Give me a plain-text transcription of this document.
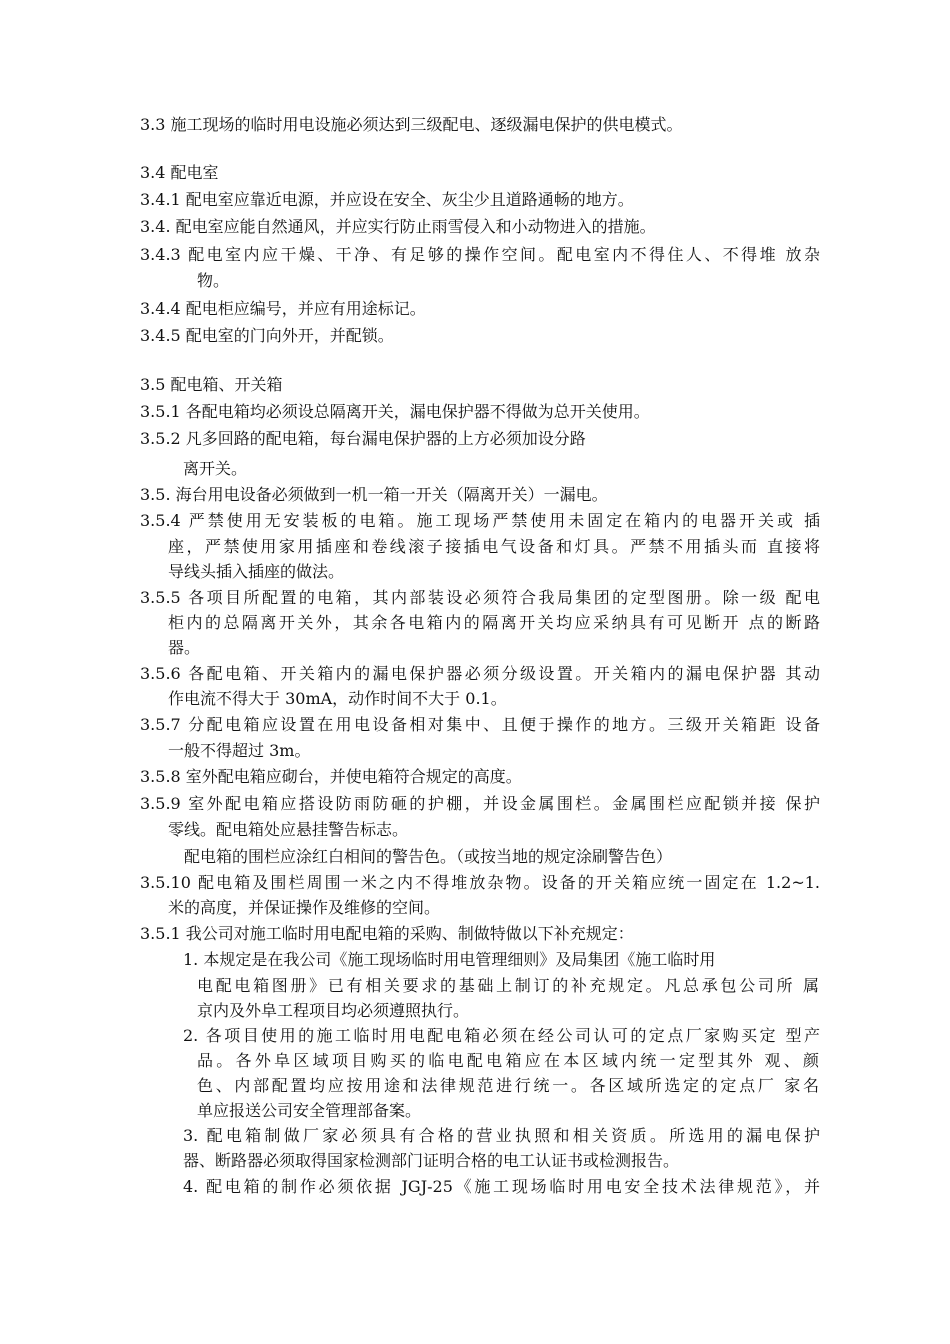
3.3 施工现场的临时用电设施必须达到三级配电、逐级漏电保护的供电模式。
3.4 配电室
3.4.1 配电室应靠近电源，并应设在安全、灰尘少且道路通畅的地方。
3.4. 配电室应能自然通风，并应实行防止雨雪侵入和小动物进入的措施。
3.4.3 配电室内应干燥、干净、有足够的操作空间。配电室内不得住人、不得堆 放杂
物。
3.4.4 配电柜应编号，并应有用途标记。
3.4.5 配电室的门向外开，并配锁。
3.5 配电箱、开关箱
3.5.1 各配电箱均必须设总隔离开关，漏电保护器不得做为总开关使用。
3.5.2 凡多回路的配电箱，每台漏电保护器的上方必须加设分路
离开关。
3.5. 海台用电设备必须做到一机一箱一开关（隔离开关）一漏电。
3.5.4 严禁使用无安装板的电箱。施工现场严禁使用未固定在箱内的电器开关或 插
座，严禁使用家用插座和卷线滚子接插电气设备和灯具。严禁不用插头而 直接将
导线头插入插座的做法。
3.5.5 各项目所配置的电箱，其内部装设必须符合我局集团的定型图册。除一级 配电
柜内的总隔离开关外，其余各电箱内的隔离开关均应采纳具有可见断开 点的断路
器。
3.5.6 各配电箱、开关箱内的漏电保护器必须分级设置。开关箱内的漏电保护器 其动
作电流不得大于 30mA，动作时间不大于 0.1。
3.5.7 分配电箱应设置在用电设备相对集中、且便于操作的地方。三级开关箱距 设备
一般不得超过 3m。
3.5.8 室外配电箱应砌台，并使电箱符合规定的高度。
3.5.9 室外配电箱应搭设防雨防砸的护棚，并设金属围栏。金属围栏应配锁并接 保护
零线。配电箱处应悬挂警告标志。
配电箱的围栏应涂红白相间的警告色。（或按当地的规定涂刷警告色）
3.5.10 配电箱及围栏周围一米之内不得堆放杂物。设备的开关箱应统一固定在 1.2~1.
米的高度，并保证操作及维修的空间。
3.5.1 我公司对施工临时用电配电箱的采购、制做特做以下补充规定：
1. 本规定是在我公司《施工现场临时用电管理细则》及局集团《施工临时用
电配电箱图册》已有相关要求的基础上制订的补充规定。凡总承包公司所 属
京内及外阜工程项目均必须遵照执行。
2. 各项目使用的施工临时用电配电箱必须在经公司认可的定点厂家购买定 型产
品。各外阜区域项目购买的临电配电箱应在本区域内统一定型其外 观、颜
色、内部配置均应按用途和法律规范进行统一。各区域所选定的定点厂 家名
单应报送公司安全管理部备案。
3. 配电箱制做厂家必须具有合格的营业执照和相关资质。所选用的漏电保护
器、断路器必须取得国家检测部门证明合格的电工认证书或检测报告。
4. 配电箱的制作必须依据 JGJ-25《施工现场临时用电安全技术法律规范》，并
